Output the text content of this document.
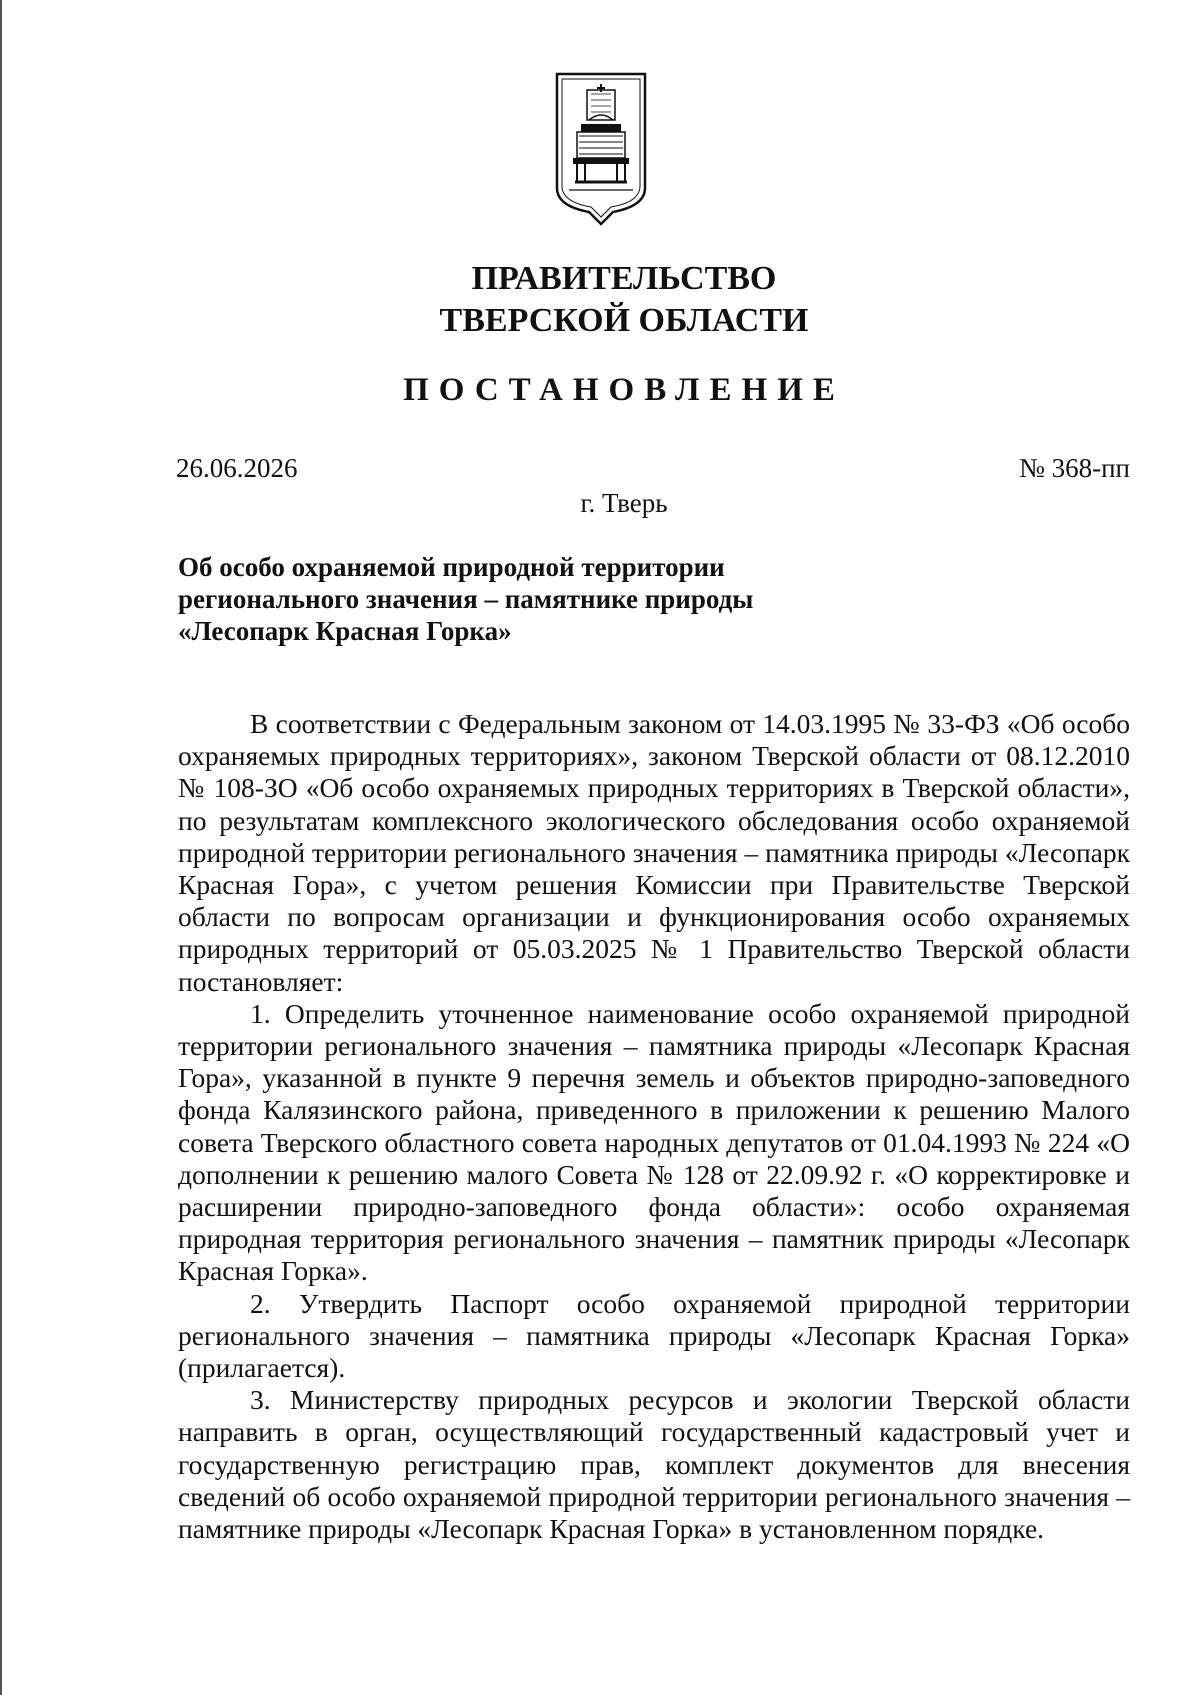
ПРАВИТЕЛЬСТВО
ТВЕРСКОЙ ОБЛАСТИ
ПОСТАНОВЛЕНИЕ
26.06.2026	№ 368-пп
г. Тверь
Об особо охраняемой природной территории
регионального значения – памятнике природы
«Лесопарк Красная Горка»

В соответствии с Федеральным законом от 14.03.1995 № 33-ФЗ «Об особо охраняемых природных территориях», законом Тверской области от 08.12.2010 № 108-ЗО «Об особо охраняемых природных территориях в Тверской области», по результатам комплексного экологического обследования особо охраняемой природной территории регионального значения – памятника природы «Лесопарк Красная Гора», с учетом решения Комиссии при Правительстве Тверской области по вопросам организации и функционирования особо охраняемых природных территорий от 05.03.2025 № 1 Правительство Тверской области постановляет:

1. Определить уточненное наименование особо охраняемой природной территории регионального значения – памятника природы «Лесопарк Красная Гора», указанной в пункте 9 перечня земель и объектов природно-заповедного фонда Калязинского района, приведенного в приложении к решению Малого совета Тверского областного совета народных депутатов от 01.04.1993 № 224 «О дополнении к решению малого Совета № 128 от 22.09.92 г. «О корректировке и расширении природно-заповедного фонда области»: особо охраняемая природная территория регионального значения – памятник природы «Лесопарк Красная Горка».

2. Утвердить Паспорт особо охраняемой природной территории регионального значения – памятника природы «Лесопарк Красная Горка» (прилагается).

3. Министерству природных ресурсов и экологии Тверской области направить в орган, осуществляющий государственный кадастровый учет и государственную регистрацию прав, комплект документов для внесения сведений об особо охраняемой природной территории регионального значения – памятнике природы «Лесопарк Красная Горка» в установленном порядке.
